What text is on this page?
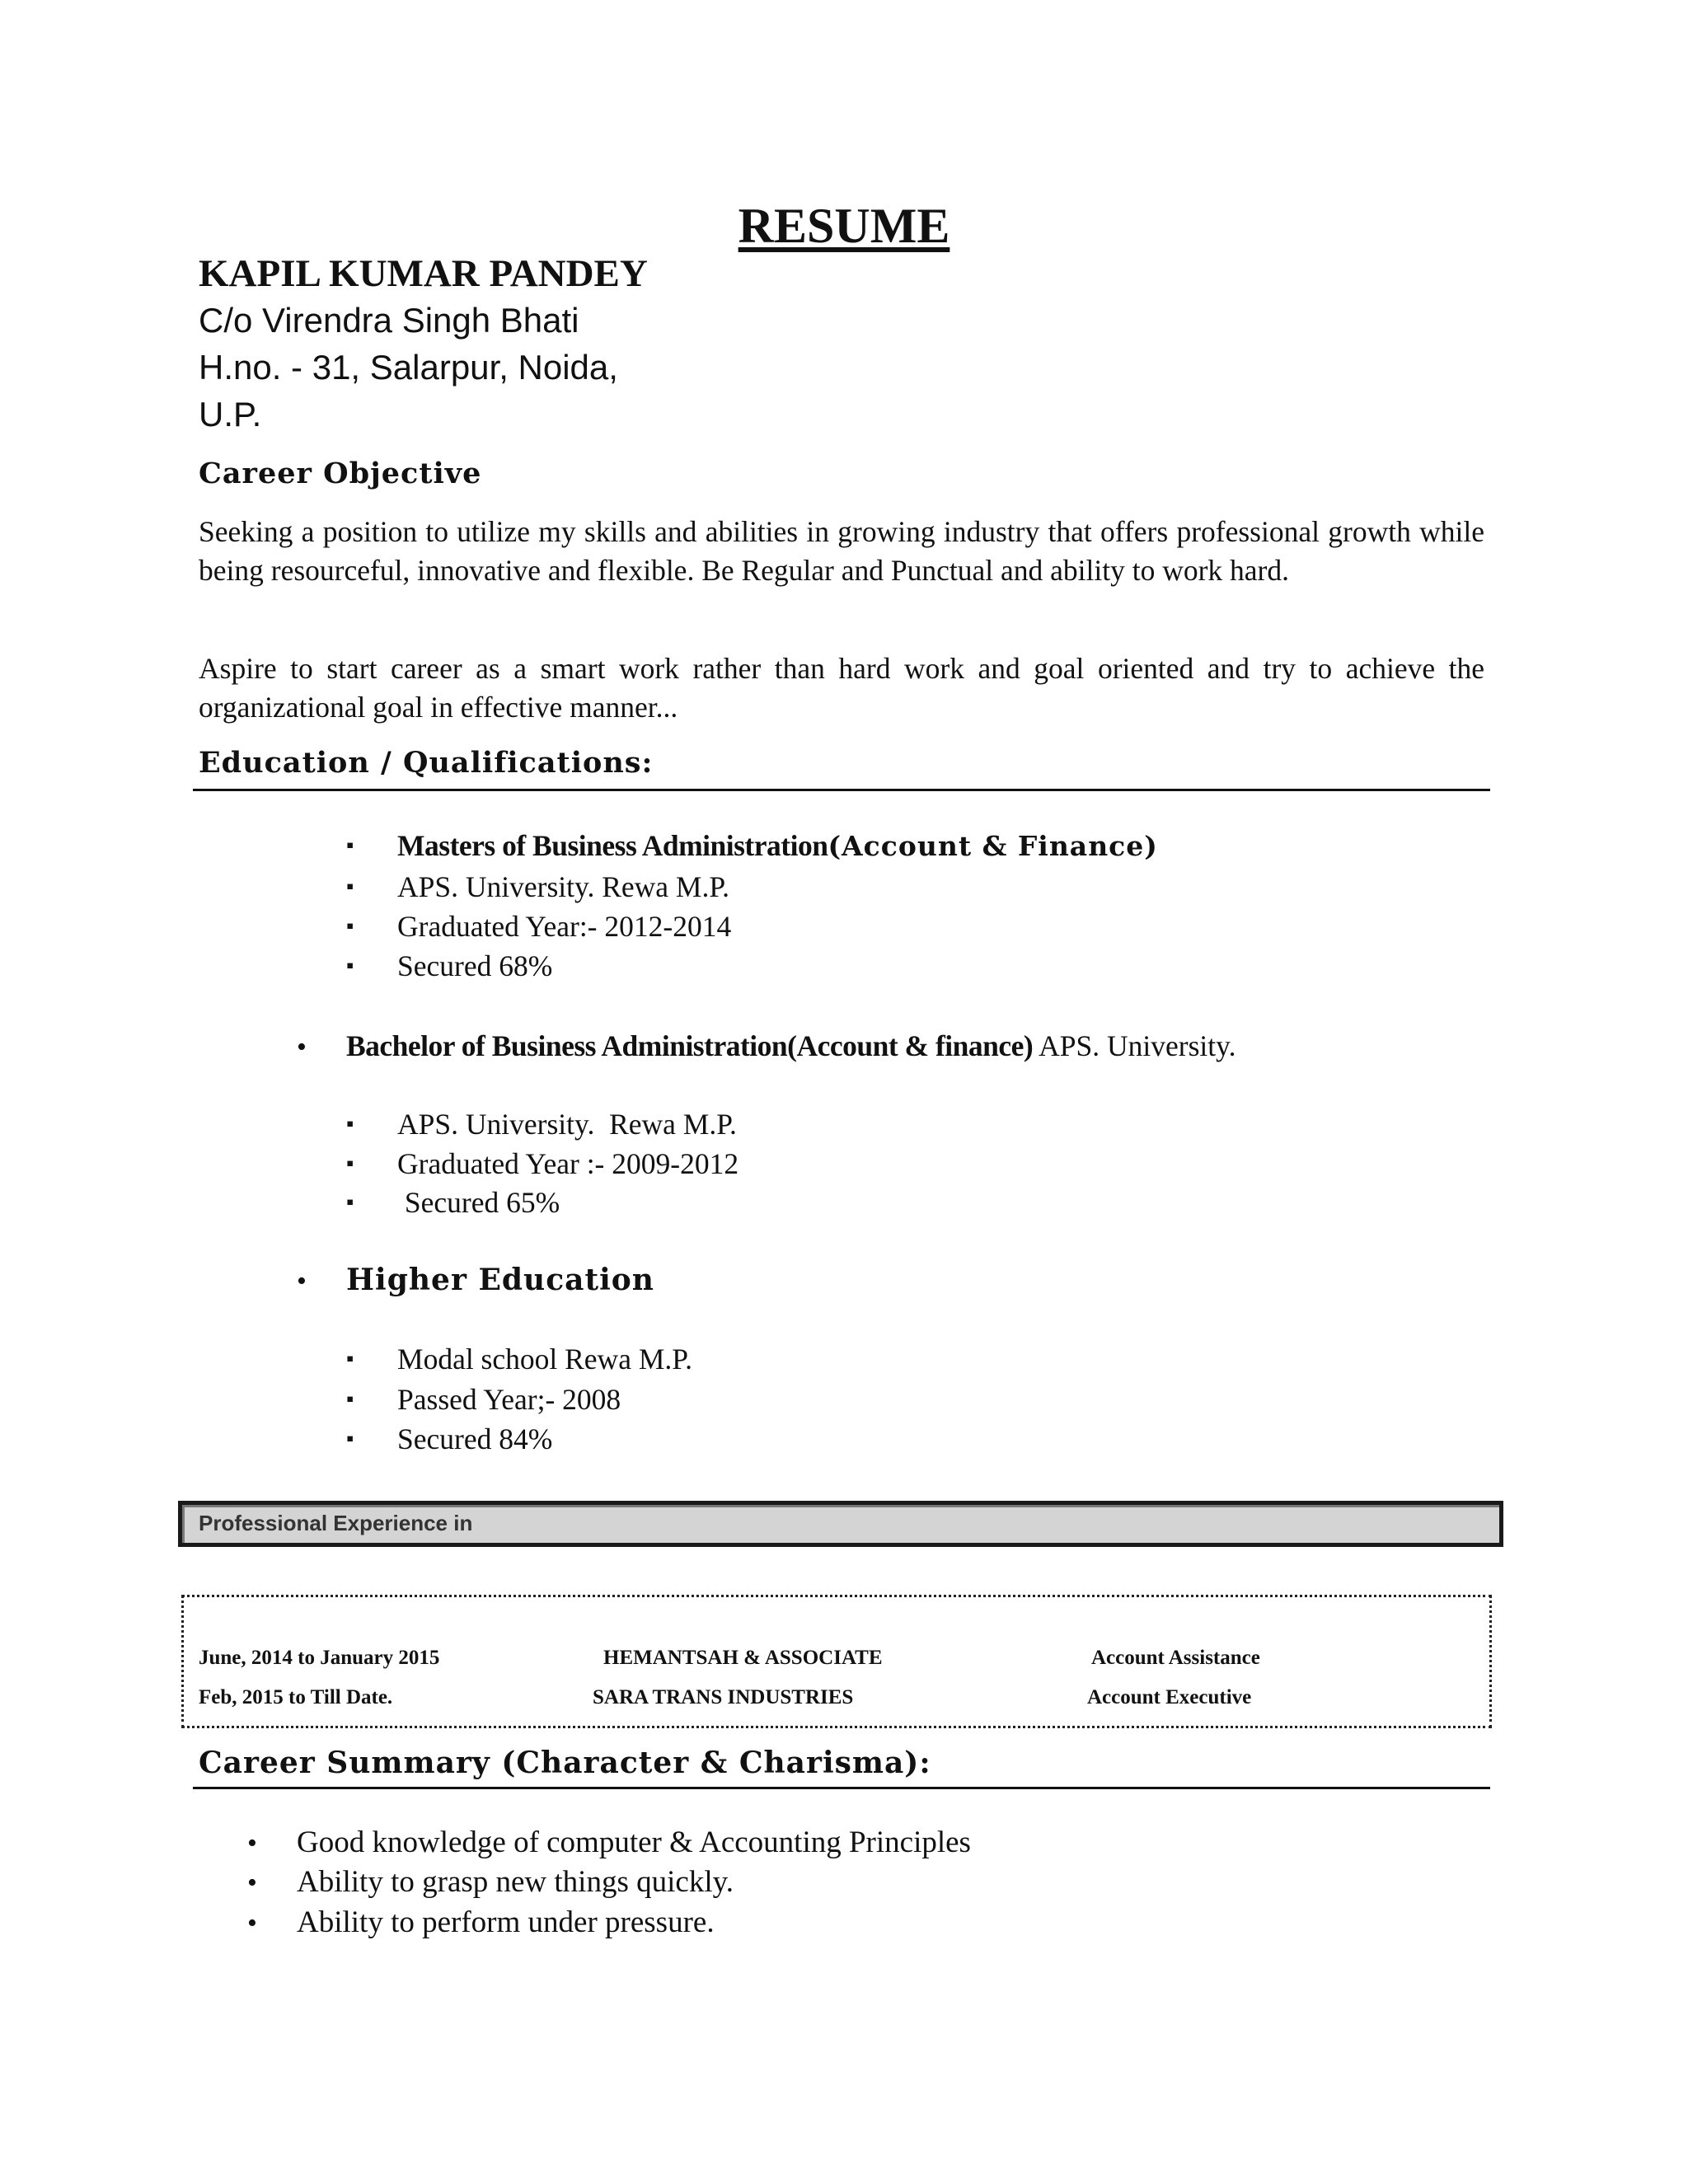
RESUME
KAPIL KUMAR PANDEY
C/o Virendra Singh Bhati
H.no. - 31, Salarpur, Noida,
U.P.
Career Objective

Seeking a position to utilize my skills and abilities in growing industry that offers professional growth while being resourceful, innovative and flexible. Be Regular and Punctual and ability to work hard.

Aspire to start career as a smart work rather than hard work and goal oriented and try to achieve the organizational goal in effective manner...

Education / Qualifications:
▪	Masters of Business Administration (Account & Finance)
▪	APS. University. Rewa M.P.
▪	Graduated Year:- 2012-2014
▪	Secured 68%
•	Bachelor of Business Administration(Account & finance) APS. University.
▪	APS. University.  Rewa M.P.
▪	Graduated Year :- 2009-2012
▪	Secured 65%
•	Higher Education
▪	Modal school Rewa M.P.
▪	Passed Year;- 2008
▪	Secured 84%
Professional Experience in
June, 2014 to January 2015	HEMANTSAH & ASSOCIATE	Account Assistance
Feb, 2015 to Till Date.	SARA TRANS INDUSTRIES	Account Executive
Career Summary (Character & Charisma):
•	Good knowledge of computer & Accounting Principles
•	Ability to grasp new things quickly.
•	Ability to perform under pressure.
